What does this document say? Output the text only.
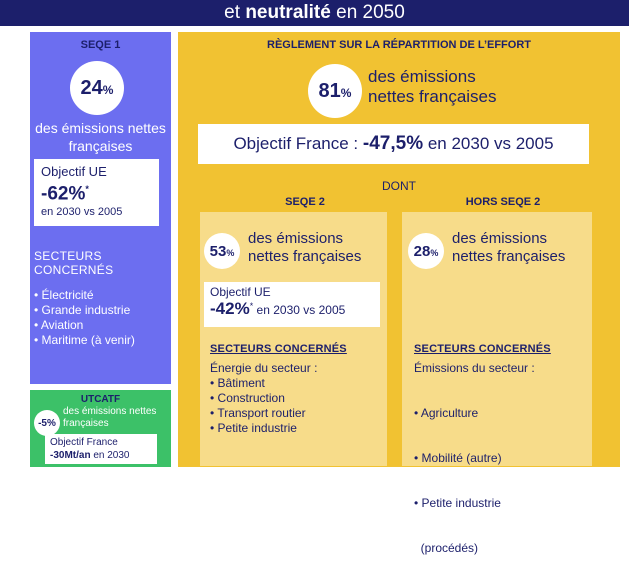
et neutralité en 2050
SEQE 1
24 %
des émissions nettes françaises
Objectif UE
-62%*
en 2030 vs 2005
SECTEURS CONCERNÉS
• Électricité
• Grande industrie
• Aviation
• Maritime (à venir)
UTCATF
-5%
des émissions nettes françaises
Objectif France
-30Mt/an en 2030
RÈGLEMENT SUR LA RÉPARTITION DE L’EFFORT
81 %
des émissions
nettes françaises
Objectif France : -47,5% en 2030 vs 2005
DONT
SEQE 2
53 %
des émissions
nettes françaises
Objectif UE
-42%* en 2030 vs 2005
SECTEURS CONCERNÉS
Énergie du secteur :
• Bâtiment
• Construction
• Transport routier
• Petite industrie
HORS SEQE 2
28 %
des émissions
nettes françaises
SECTEURS CONCERNÉS
Émissions du secteur :

• Agriculture

• Mobilité (autre)

• Petite industrie

(procédés)
